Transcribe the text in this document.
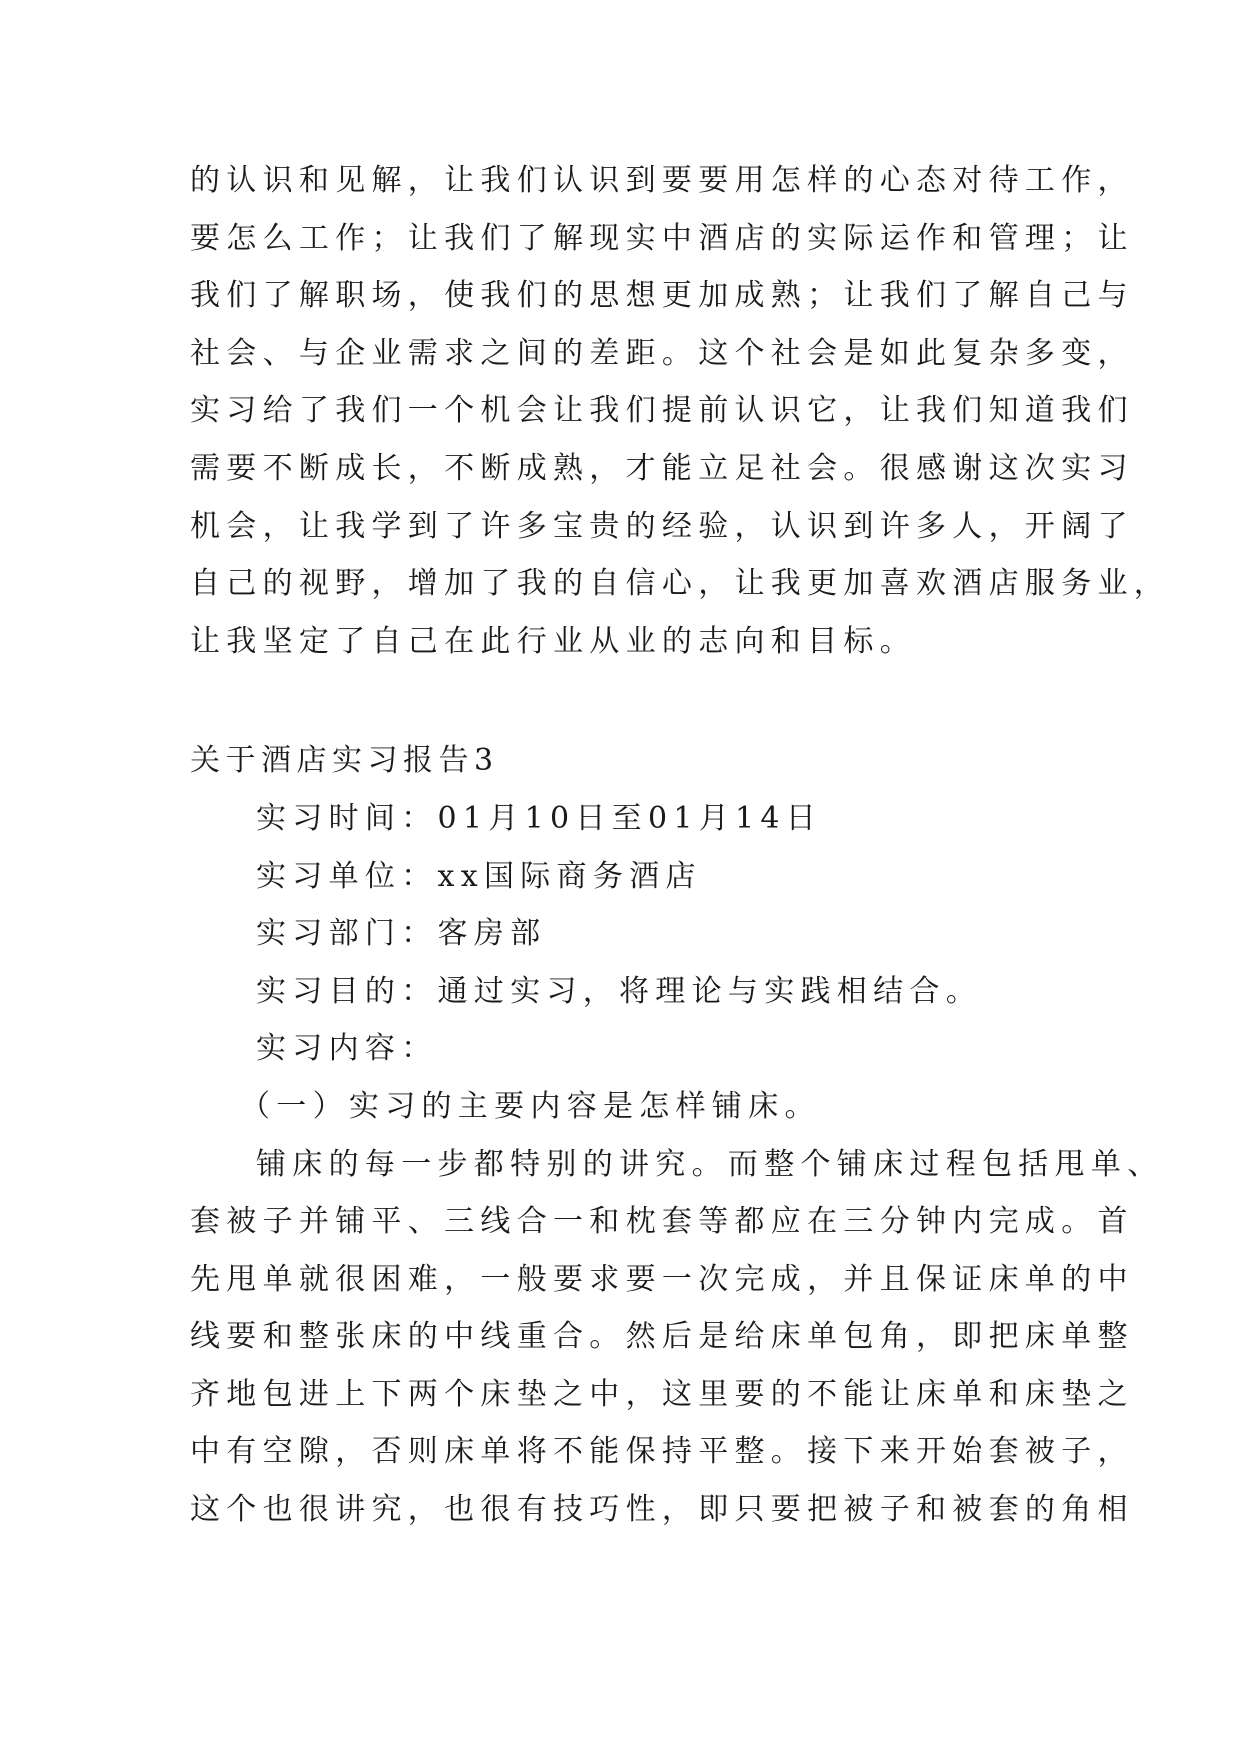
的认识和见解，让我们认识到要要用怎样的心态对待工作，
要怎么工作；让我们了解现实中酒店的实际运作和管理；让
我们了解职场，使我们的思想更加成熟；让我们了解自己与
社会、与企业需求之间的差距。这个社会是如此复杂多变，
实习给了我们一个机会让我们提前认识它，让我们知道我们
需要不断成长，不断成熟，才能立足社会。很感谢这次实习
机会，让我学到了许多宝贵的经验，认识到许多人，开阔了
自己的视野，增加了我的自信心，让我更加喜欢酒店服务业，
让我坚定了自己在此行业从业的志向和目标。
关于酒店实习报告3
实习时间：01月10日至01月14日
实习单位：xx国际商务酒店
实习部门：客房部
实习目的：通过实习，将理论与实践相结合。
实习内容：
（一）实习的主要内容是怎样铺床。
铺床的每一步都特别的讲究。而整个铺床过程包括甩单、
套被子并铺平、三线合一和枕套等都应在三分钟内完成。首
先甩单就很困难，一般要求要一次完成，并且保证床单的中
线要和整张床的中线重合。然后是给床单包角，即把床单整
齐地包进上下两个床垫之中，这里要的不能让床单和床垫之
中有空隙，否则床单将不能保持平整。接下来开始套被子，
这个也很讲究，也很有技巧性，即只要把被子和被套的角相
